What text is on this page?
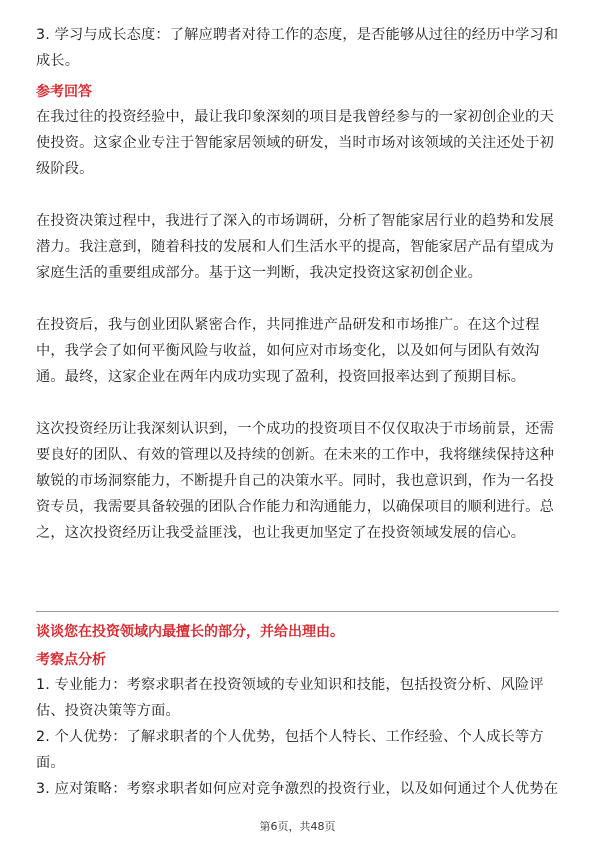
3. 学习与成长态度：了解应聘者对待工作的态度，是否能够从过往的经历中学习和成长。

参考回答

在我过往的投资经验中，最让我印象深刻的项目是我曾经参与的一家初创企业的天使投资。这家企业专注于智能家居领域的研发，当时市场对该领域的关注还处于初级阶段。

在投资决策过程中，我进行了深入的市场调研，分析了智能家居行业的趋势和发展潜力。我注意到，随着科技的发展和人们生活水平的提高，智能家居产品有望成为家庭生活的重要组成部分。基于这一判断，我决定投资这家初创企业。

在投资后，我与创业团队紧密合作，共同推进产品研发和市场推广。在这个过程中，我学会了如何平衡风险与收益，如何应对市场变化，以及如何与团队有效沟通。最终，这家企业在两年内成功实现了盈利，投资回报率达到了预期目标。

这次投资经历让我深刻认识到，一个成功的投资项目不仅仅取决于市场前景，还需要良好的团队、有效的管理以及持续的创新。在未来的工作中，我将继续保持这种敏锐的市场洞察能力，不断提升自己的决策水平。同时，我也意识到，作为一名投资专员，我需要具备较强的团队合作能力和沟通能力，以确保项目的顺利进行。总之，这次投资经历让我受益匪浅，也让我更加坚定了在投资领域发展的信心。

谈谈您在投资领域内最擅长的部分，并给出理由。

考察点分析

1. 专业能力：考察求职者在投资领域的专业知识和技能，包括投资分析、风险评估、投资决策等方面。

2. 个人优势：了解求职者的个人优势，包括个人特长、工作经验、个人成长等方面。

3. 应对策略：考察求职者如何应对竞争激烈的投资行业，以及如何通过个人优势在

第6页，共48页
